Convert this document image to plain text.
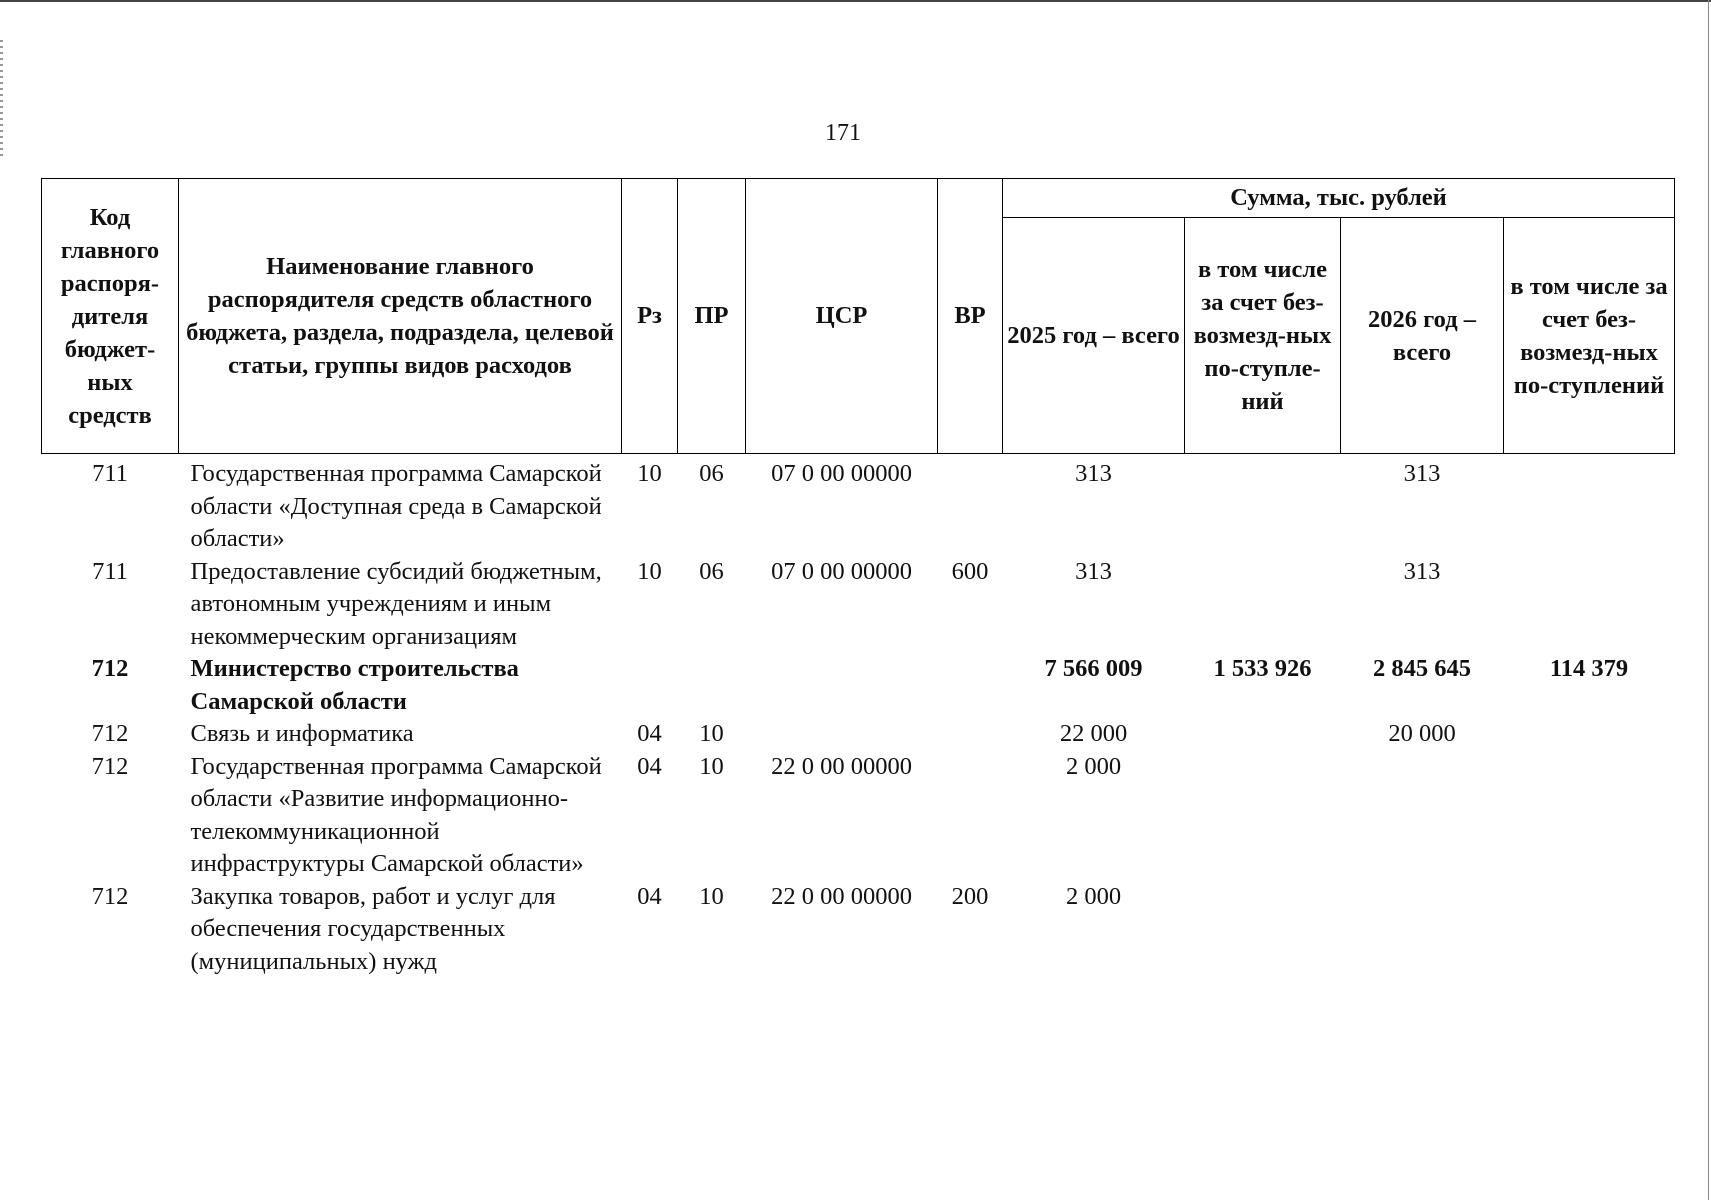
171
Код главного распоря-дителя бюджет-ных средств	Наименование главного распорядителя средств областного бюджета, раздела, подраздела, целевой статьи, группы видов расходов	Рз	ПР	ЦСР	ВР	Сумма, тыс. рублей			
						2025 год – всего	в том числе за счет без-возмезд-ных по-ступле-ний	2026 год – всего	в том числе за счет без-возмезд-ных по-ступлений
711	Государственная программа Самарской области «Доступная среда в Самарской области»	10	06	07 0 00 00000		313		313	
711	Предоставление субсидий бюджетным, автономным учреждениям и иным некоммерческим организациям	10	06	07 0 00 00000	600	313		313	
712	Министерство строительства Самарской области					7 566 009	1 533 926	2 845 645	114 379
712	Связь и информатика	04	10			22 000		20 000	
712	Государственная программа Самарской области «Развитие информационно-телекоммуникационной инфраструктуры Самарской области»	04	10	22 0 00 00000		2 000			
712	Закупка товаров, работ и услуг для обеспечения государственных (муниципальных) нужд	04	10	22 0 00 00000	200	2 000			
